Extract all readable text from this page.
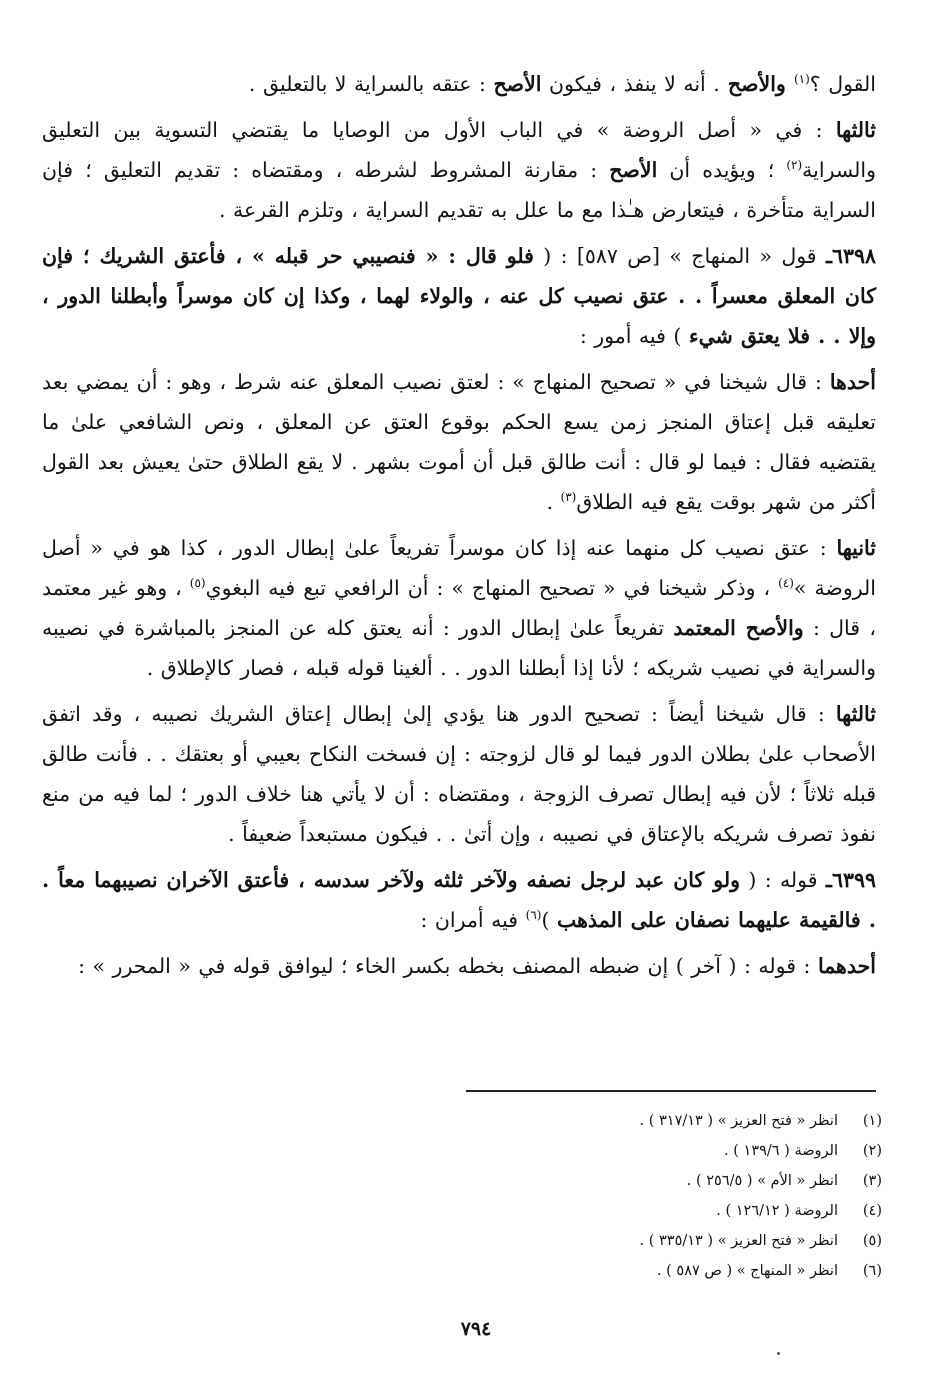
القول ؟$^{(١)}$ والأصح . أنه لا ينفذ ، فيكون الأصح : عتقه بالسراية لا بالتعليق .

ثالثها : في « أصل الروضة » في الباب الأول من الوصايا ما يقتضي التسوية بين التعليق والسراية$^{(٢)}$ ؛ ويؤيده أن الأصح : مقارنة المشروط لشرطه ، ومقتضاه : تقديم التعليق ؛ فإن السراية متأخرة ، فيتعارض هـٰذا مع ما علل به تقديم السراية ، وتلزم القرعة .

٦٣٩٨ـ قول « المنهاج » [ص ٥٨٧] : ( فلو قال : « فنصيبي حر قبله » ، فأعتق الشريك ؛ فإن كان المعلق معسراً . . عتق نصيب كل عنه ، والولاء لهما ، وكذا إن كان موسراً وأبطلنا الدور ، وإلا . . فلا يعتق شيء ) فيه أمور :

أحدها : قال شيخنا في « تصحيح المنهاج » : لعتق نصيب المعلق عنه شرط ، وهو : أن يمضي بعد تعليقه قبل إعتاق المنجز زمن يسع الحكم بوقوع العتق عن المعلق ، ونص الشافعي علىٰ ما يقتضيه فقال : فيما لو قال : أنت طالق قبل أن أموت بشهر . لا يقع الطلاق حتىٰ يعيش بعد القول أكثر من شهر بوقت يقع فيه الطلاق$^{(٣)}$ .

ثانيها : عتق نصيب كل منهما عنه إذا كان موسراً تفريعاً علىٰ إبطال الدور ، كذا هو في « أصل الروضة »$^{(٤)}$ ، وذكر شيخنا في « تصحيح المنهاج » : أن الرافعي تبع فيه البغوي$^{(٥)}$ ، وهو غير معتمد ، قال : والأصح المعتمد تفريعاً علىٰ إبطال الدور : أنه يعتق كله عن المنجز بالمباشرة في نصيبه والسراية في نصيب شريكه ؛ لأنا إذا أبطلنا الدور . . ألغينا قوله قبله ، فصار كالإطلاق .

ثالثها : قال شيخنا أيضاً : تصحيح الدور هنا يؤدي إلىٰ إبطال إعتاق الشريك نصيبه ، وقد اتفق الأصحاب علىٰ بطلان الدور فيما لو قال لزوجته : إن فسخت النكاح بعيبي أو بعتقك . . فأنت طالق قبله ثلاثاً ؛ لأن فيه إبطال تصرف الزوجة ، ومقتضاه : أن لا يأتي هنا خلاف الدور ؛ لما فيه من منع نفوذ تصرف شريكه بالإعتاق في نصيبه ، وإن أتىٰ . . فيكون مستبعداً ضعيفاً .

٦٣٩٩ـ قوله : ( ولو كان عبد لرجل نصفه ولآخر ثلثه ولآخر سدسه ، فأعتق الآخران نصيبهما معاً . . فالقيمة عليهما نصفان على المذهب )$^{(٦)}$ فيه أمران :

أحدهما : قوله : ( آخر ) إن ضبطه المصنف بخطه بكسر الخاء ؛ ليوافق قوله في « المحرر » :

(١)انظر « فتح العزيز » ( ٣١٧/١٣ ) .
(٢)الروضة ( ١٣٩/٦ ) .
(٣)انظر « الأم » ( ٢٥٦/٥ ) .
(٤)الروضة ( ١٢٦/١٢ ) .
(٥)انظر « فتح العزيز » ( ٣٣٥/١٣ ) .
(٦)انظر « المنهاج » ( ص ٥٨٧ ) .
٧٩٤
